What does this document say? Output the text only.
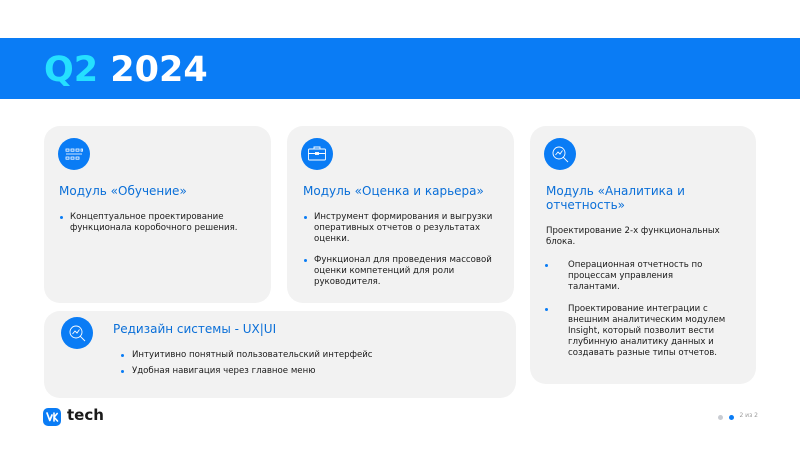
Q2 2024
Модуль «Обучение»
Концептуальное проектирование функционала коробочного решения.
Модуль «Оценка и карьера»
Инструмент формирования и выгрузки оперативных отчетов о результатах оценки.
Функционал для проведения массовой оценки компетенций для роли руководителя.
Модуль «Аналитика и отчетность»
Проектирование 2-х функциональных блока.
Операционная отчетность по процессам управления талантами.
Проектирование интеграции с внешним аналитическим модулем Insight, который позволит вести глубинную аналитику данных и создавать разные типы отчетов.
Редизайн системы - UX|UI
Интуитивно понятный пользовательский интерфейс
Удобная навигация через главное меню
tech	2 из 2
